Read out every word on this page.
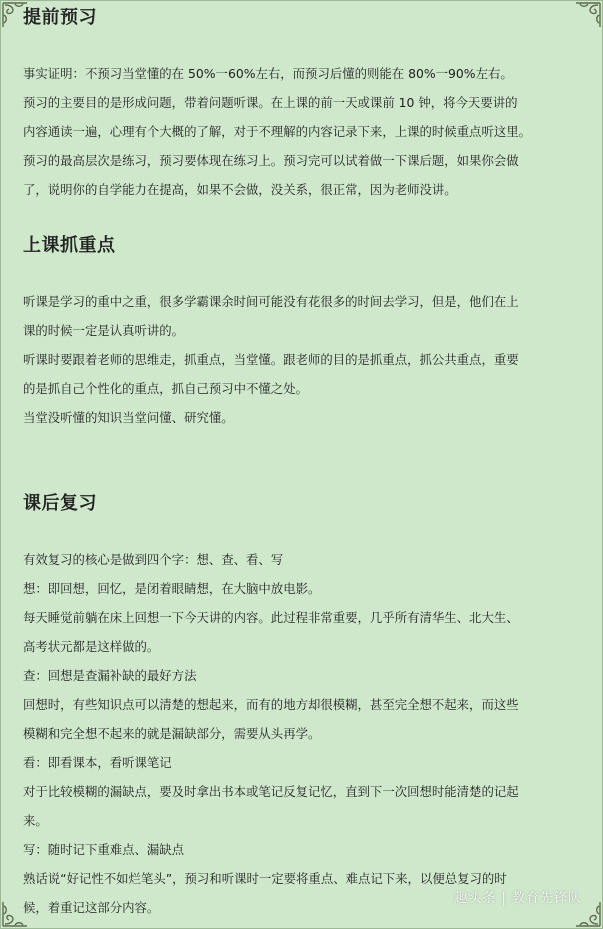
提前预习
事实证明：不预习当堂懂的在 50%一60%左右，而预习后懂的则能在 80%一90%左右。
预习的主要目的是形成问题，带着问题听课。在上课的前一天或课前 10 钟，将今天要讲的
内容通读一遍，心理有个大概的了解，对于不理解的内容记录下来，上课的时候重点听这里。
预习的最高层次是练习，预习要体现在练习上。预习完可以试着做一下课后题，如果你会做
了，说明你的自学能力在提高，如果不会做，没关系，很正常，因为老师没讲。
上课抓重点
听课是学习的重中之重，很多学霸课余时间可能没有花很多的时间去学习，但是，他们在上
课的时候一定是认真听讲的。
听课时要跟着老师的思维走，抓重点，当堂懂。跟老师的目的是抓重点，抓公共重点，重要
的是抓自己个性化的重点，抓自己预习中不懂之处。
当堂没听懂的知识当堂问懂、研究懂。
课后复习
有效复习的核心是做到四个字：想、查、看、写
想：即回想，回忆，是闭着眼睛想，在大脑中放电影。
每天睡觉前躺在床上回想一下今天讲的内容。此过程非常重要，几乎所有清华生、北大生、
高考状元都是这样做的。
查：回想是查漏补缺的最好方法
回想时，有些知识点可以清楚的想起来，而有的地方却很模糊，甚至完全想不起来，而这些
模糊和完全想不起来的就是漏缺部分，需要从头再学。
看：即看课本，看听课笔记
对于比较模糊的漏缺点，要及时拿出书本或笔记反复记忆，直到下一次回想时能清楚的记起
来。
写：随时记下重难点、漏缺点
熟话说“好记性不如烂笔头”，预习和听课时一定要将重点、难点记下来，以便总复习的时
候，着重记这部分内容。
趣头条 | 教育先锋队
